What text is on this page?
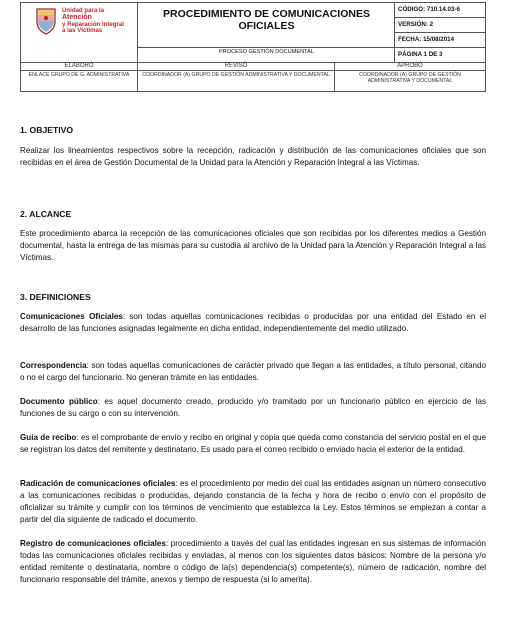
Unidad para la
Atención
y Reparación Integral
a las Víctimas
PROCEDIMIENTO DE COMUNICACIONES OFICIALES
PROCESO GESTIÓN DOCUMENTAL
CÓDIGO: 710.14.03-6
VERSIÓN: 2
FECHA: 15/08/2014
PÁGINA 1 DE 3
ELABORÓ
ENLACE GRUPO DE G. ADMINISTRATIVA
REVISÓ
COORDINADOR (A) GRUPO DE GESTIÓN ADMINISTRATIVA Y DOCUMENTAL
APROBÓ
COORDINADOR (A) GRUPO DE GESTIÓN ADMINISTRATIVA Y DOCUMENTAL
1. OBJETIVO
Realizar los lineamientos respectivos sobre la recepción, radicación y distribución de las comunicaciones oficiales que son recibidas en el área de Gestión Documental de la Unidad para la Atención y Reparación Integral a las Víctimas.
2. ALCANCE
Este procedimiento abarca la recepción de las comunicaciones oficiales que son recibidas por los diferentes medios a Gestión documental, hasta la entrega de las mismas para su custodia al archivo de la Unidad para la Atención y Reparación Integral a las Víctimas.
3. DEFINICIONES
Comunicaciones Oficiales: son todas aquellas comunicaciones recibidas o producidas por una entidad del Estado en el desarrollo de las funciones asignadas legalmente en dicha entidad, independientemente del medio utilizado.
Correspondencia: son todas aquellas comunicaciones de carácter privado que llegan a las entidades, a título personal, citando o no el cargo del funcionario. No generan trámite en las entidades.
Documento público: es aquel documento creado, producido y/o tramitado por un funcionario público en ejercicio de las funciones de su cargo o con su intervención.
Guía de recibo: es el comprobante de envío y recibo en original y copia que queda como constancia del servicio postal en el que se registran los datos del remitente y destinatario. Es usado para el correo recibido o enviado hacia el exterior de la entidad.
Radicación de comunicaciones oficiales: es el procedimiento por medio del cual las entidades asignan un número consecutivo a las comunicaciones recibidas o producidas, dejando constancia de la fecha y hora de recibo o envío con el propósito de oficializar su trámite y cumplir con los términos de vencimiento que establezca la Ley. Estos términos se empiezan a contar a partir del día siguiente de radicado el documento.
Registro de comunicaciones oficiales: procedimiento a través del cual las entidades ingresan en sus sistemas de información todas las comunicaciones oficiales recibidas y enviadas, al menos con los siguientes datos básicos: Nombre de la persona y/o entidad remitente o destinataria, nombre o código de la(s) dependencia(s) competente(s), número de radicación, nombre del funcionario responsable del trámite, anexos y tiempo de respuesta (si lo amerita).
